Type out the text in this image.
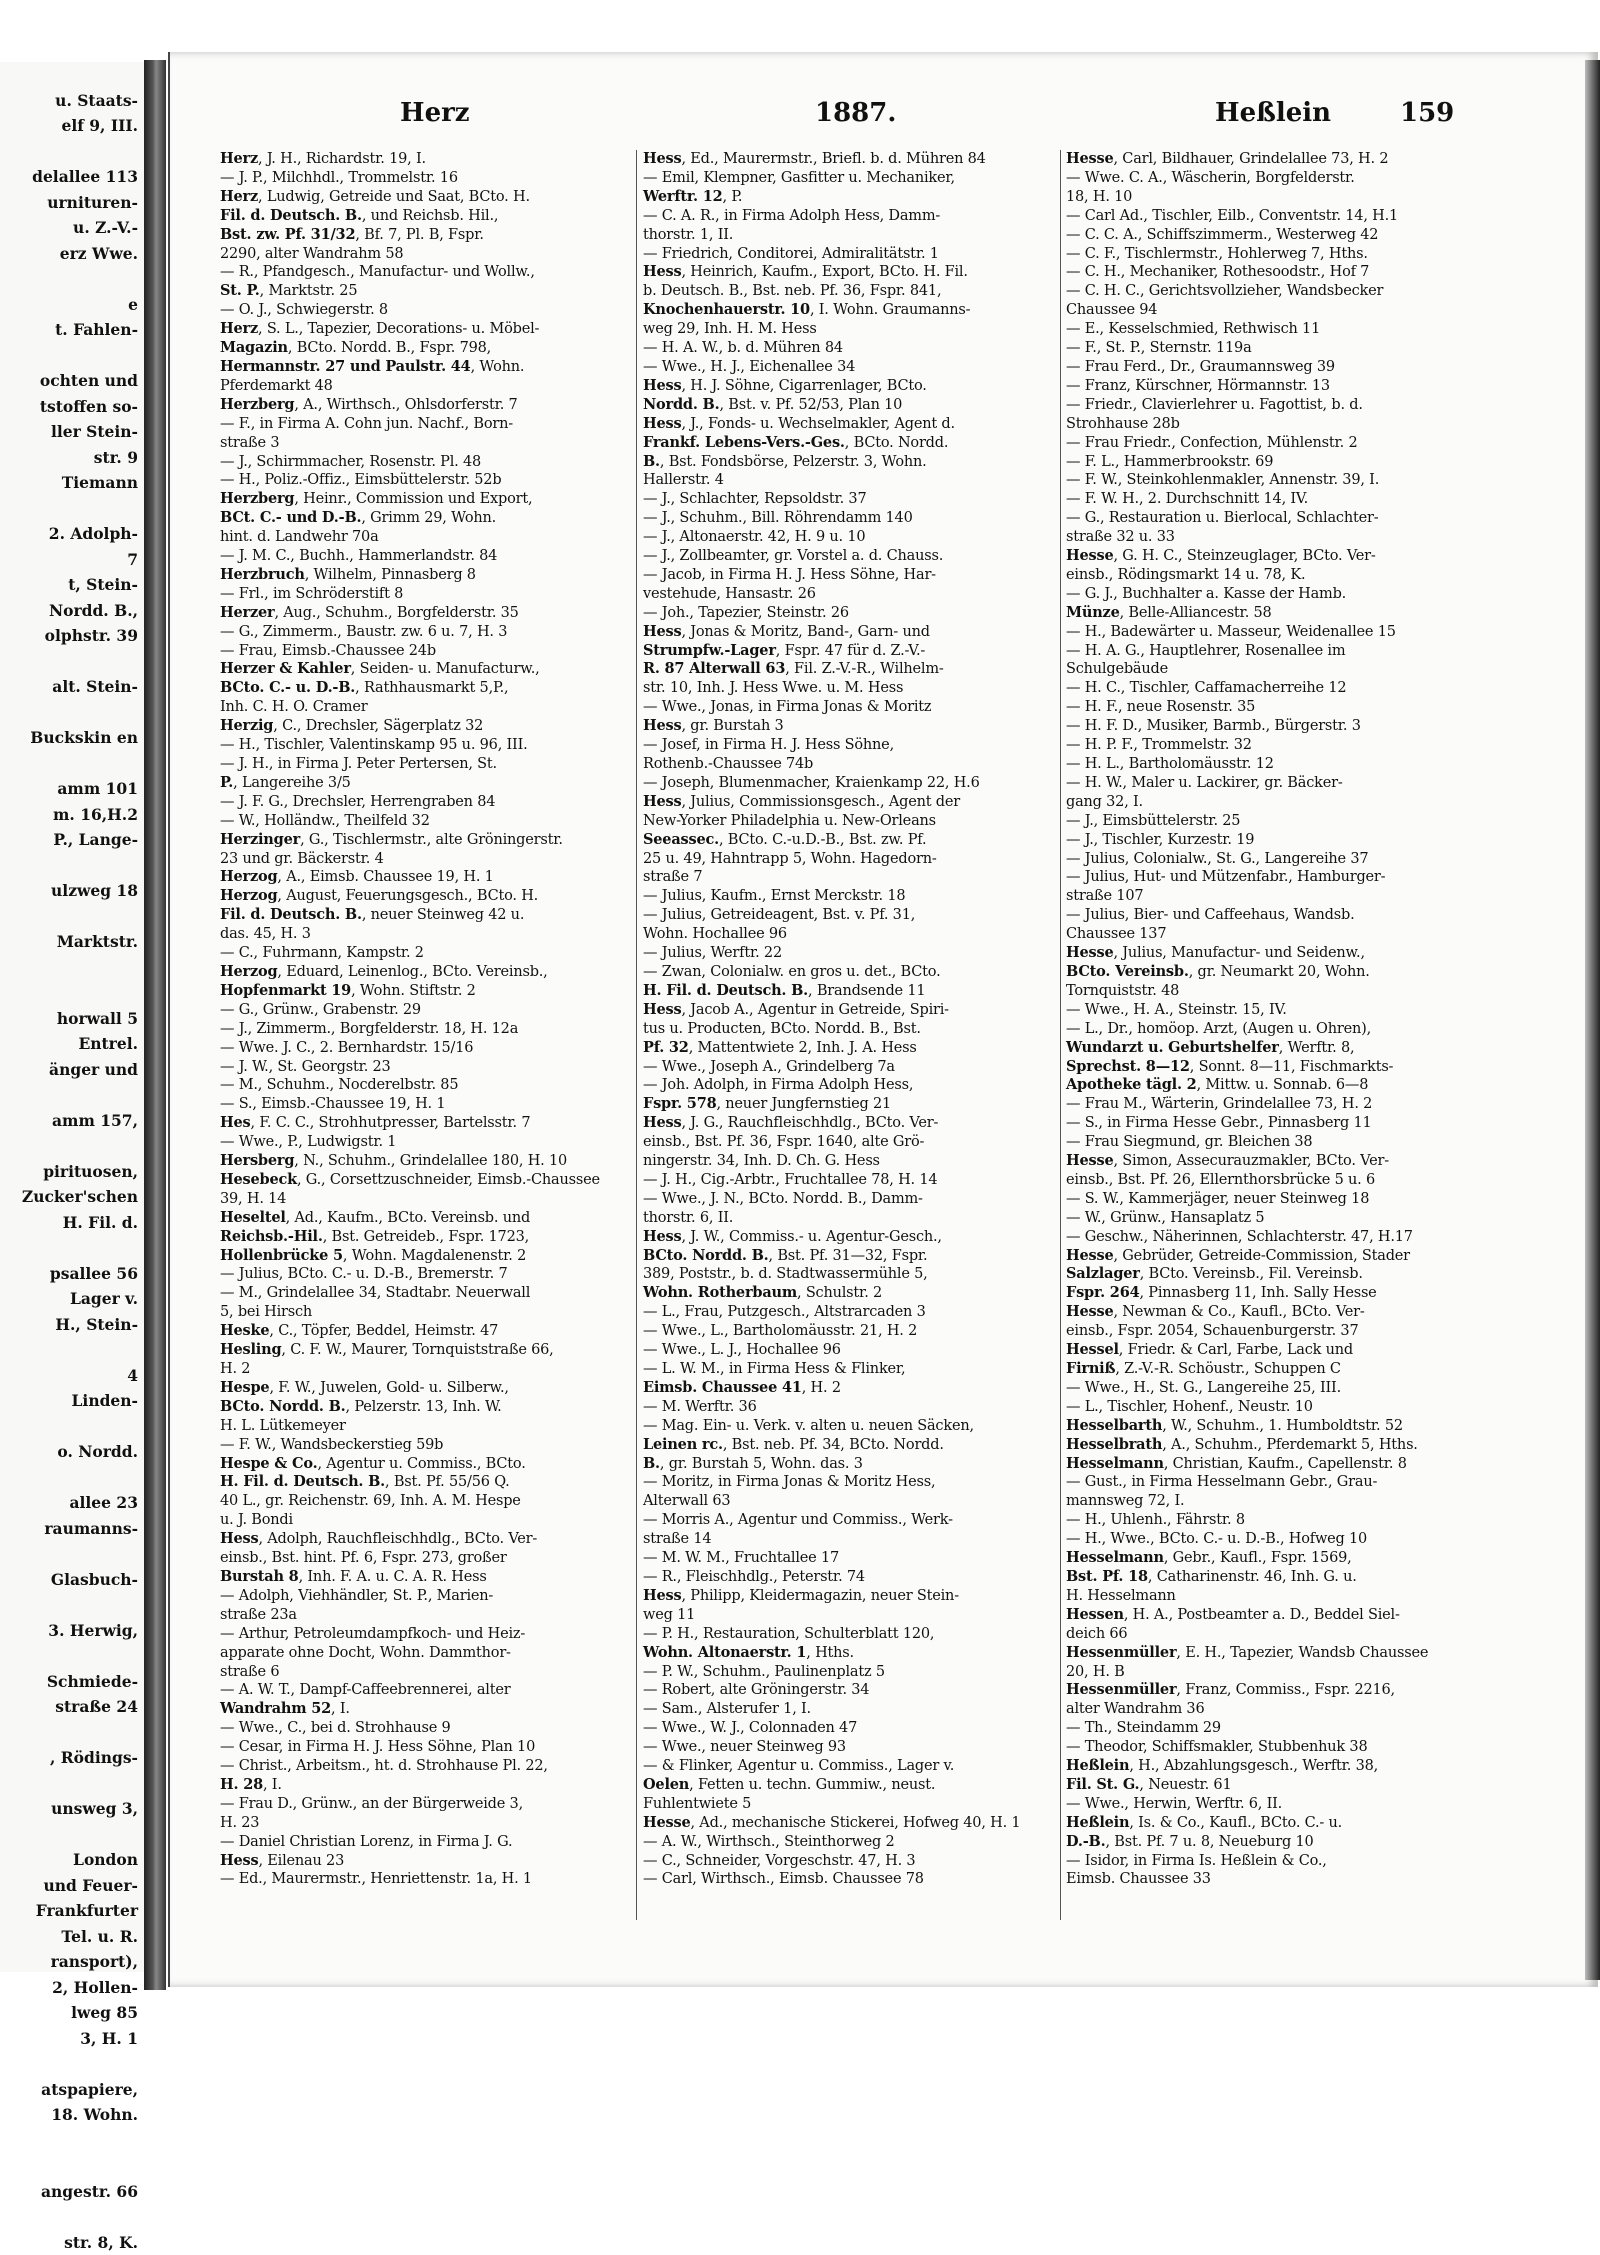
u. Staats-
elf 9, III.

delallee 113
urnituren-
u. Z.-V.-
erz Wwe.

e
t. Fahlen-

ochten und
tstoffen so-
ller Stein-
str. 9
Tiemann

2. Adolph-
7
t, Stein-
Nordd. B.,
olphstr. 39

alt. Stein-

Buckskin en

amm 101
m. 16,H.2
P., Lange-

ulzweg 18

Marktstr.

horwall 5
Entrel.
änger und

amm 157,

pirituosen,
Zucker'schen
H. Fil. d.

psallee 56
Lager v.
H., Stein-

4
Linden-

o. Nordd.

allee 23
raumanns-

Glasbuch-

3. Herwig,

Schmiede-
straße 24

, Rödings-

unsweg 3,

London
und Feuer-
Frankfurter
Tel. u. R.
ransport),
2, Hollen-
lweg 85
3, H. 1

atspapiere,
18. Wohn.

angestr. 66

str. 8, K.
Herz	1887.	Heßlein	159
Herz, J. H., Richardstr. 19, I.
— J. P., Milchhdl., Trommelstr. 16
Herz, Ludwig, Getreide und Saat, BCto. H.
Fil. d. Deutsch. B., und Reichsb. Hil.,
Bst. zw. Pf. 31/32, Bf. 7, Pl. B, Fspr.
2290, alter Wandrahm 58
— R., Pfandgesch., Manufactur- und Wollw.,
St. P., Marktstr. 25
— O. J., Schwiegerstr. 8
Herz, S. L., Tapezier, Decorations- u. Möbel-
Magazin, BCto. Nordd. B., Fspr. 798,
Hermannstr. 27 und Paulstr. 44, Wohn.
Pferdemarkt 48
Herzberg, A., Wirthsch., Ohlsdorferstr. 7
— F., in Firma A. Cohn jun. Nachf., Born-
straße 3
— J., Schirmmacher, Rosenstr. Pl. 48
— H., Poliz.-Offiz., Eimsbüttelerstr. 52b
Herzberg, Heinr., Commission und Export,
BCt. C.- und D.-B., Grimm 29, Wohn.
hint. d. Landwehr 70a
— J. M. C., Buchh., Hammerlandstr. 84
Herzbruch, Wilhelm, Pinnasberg 8
— Frl., im Schröderstift 8
Herzer, Aug., Schuhm., Borgfelderstr. 35
— G., Zimmerm., Baustr. zw. 6 u. 7, H. 3
— Frau, Eimsb.-Chaussee 24b
Herzer & Kahler, Seiden- u. Manufacturw.,
BCto. C.- u. D.-B., Rathhausmarkt 5,P.,
Inh. C. H. O. Cramer
Herzig, C., Drechsler, Sägerplatz 32
— H., Tischler, Valentinskamp 95 u. 96, III.
— J. H., in Firma J. Peter Pertersen, St.
P., Langereihe 3/5
— J. F. G., Drechsler, Herrengraben 84
— W., Holländw., Theilfeld 32
Herzinger, G., Tischlermstr., alte Gröningerstr.
23 und gr. Bäckerstr. 4
Herzog, A., Eimsb. Chaussee 19, H. 1
Herzog, August, Feuerungsgesch., BCto. H.
Fil. d. Deutsch. B., neuer Steinweg 42 u.
das. 45, H. 3
— C., Fuhrmann, Kampstr. 2
Herzog, Eduard, Leinenlog., BCto. Vereinsb.,
Hopfenmarkt 19, Wohn. Stiftstr. 2
— G., Grünw., Grabenstr. 29
— J., Zimmerm., Borgfelderstr. 18, H. 12a
— Wwe. J. C., 2. Bernhardstr. 15/16
— J. W., St. Georgstr. 23
— M., Schuhm., Nocderelbstr. 85
— S., Eimsb.-Chaussee 19, H. 1
Hes, F. C. C., Strohhutpresser, Bartelsstr. 7
— Wwe., P., Ludwigstr. 1
Hersberg, N., Schuhm., Grindelallee 180, H. 10
Hesebeck, G., Corsettzuschneider, Eimsb.-Chaussee
39, H. 14
Heseltel, Ad., Kaufm., BCto. Vereinsb. und
Reichsb.-Hil., Bst. Getreideb., Fspr. 1723,
Hollenbrücke 5, Wohn. Magdalenenstr. 2
— Julius, BCto. C.- u. D.-B., Bremerstr. 7
— M., Grindelallee 34, Stadtabr. Neuerwall
5, bei Hirsch
Heske, C., Töpfer, Beddel, Heimstr. 47
Hesling, C. F. W., Maurer, Tornquiststraße 66,
H. 2
Hespe, F. W., Juwelen, Gold- u. Silberw.,
BCto. Nordd. B., Pelzerstr. 13, Inh. W.
H. L. Lütkemeyer
— F. W., Wandsbeckerstieg 59b
Hespe & Co., Agentur u. Commiss., BCto.
H. Fil. d. Deutsch. B., Bst. Pf. 55/56 Q.
40 L., gr. Reichenstr. 69, Inh. A. M. Hespe
u. J. Bondi
Hess, Adolph, Rauchfleischhdlg., BCto. Ver-
einsb., Bst. hint. Pf. 6, Fspr. 273, großer
Burstah 8, Inh. F. A. u. C. A. R. Hess
— Adolph, Viehhändler, St. P., Marien-
straße 23a
— Arthur, Petroleumdampfkoch- und Heiz-
apparate ohne Docht, Wohn. Dammthor-
straße 6
— A. W. T., Dampf-Caffeebrennerei, alter
Wandrahm 52, I.
— Wwe., C., bei d. Strohhause 9
— Cesar, in Firma H. J. Hess Söhne, Plan 10
— Christ., Arbeitsm., ht. d. Strohhause Pl. 22,
H. 28, I.
— Frau D., Grünw., an der Bürgerweide 3,
H. 23
— Daniel Christian Lorenz, in Firma J. G.
Hess, Eilenau 23
— Ed., Maurermstr., Henriettenstr. 1a, H. 1
Hess, Ed., Maurermstr., Briefl. b. d. Mühren 84
— Emil, Klempner, Gasfitter u. Mechaniker,
Werftr. 12, P.
— C. A. R., in Firma Adolph Hess, Damm-
thorstr. 1, II.
— Friedrich, Conditorei, Admiralitätstr. 1
Hess, Heinrich, Kaufm., Export, BCto. H. Fil.
b. Deutsch. B., Bst. neb. Pf. 36, Fspr. 841,
Knochenhauerstr. 10, I. Wohn. Graumanns-
weg 29, Inh. H. M. Hess
— H. A. W., b. d. Mühren 84
— Wwe., H. J., Eichenallee 34
Hess, H. J. Söhne, Cigarrenlager, BCto.
Nordd. B., Bst. v. Pf. 52/53, Plan 10
Hess, J., Fonds- u. Wechselmakler, Agent d.
Frankf. Lebens-Vers.-Ges., BCto. Nordd.
B., Bst. Fondsbörse, Pelzerstr. 3, Wohn.
Hallerstr. 4
— J., Schlachter, Repsoldstr. 37
— J., Schuhm., Bill. Röhrendamm 140
— J., Altonaerstr. 42, H. 9 u. 10
— J., Zollbeamter, gr. Vorstel a. d. Chauss.
— Jacob, in Firma H. J. Hess Söhne, Har-
vestehude, Hansastr. 26
— Joh., Tapezier, Steinstr. 26
Hess, Jonas & Moritz, Band-, Garn- und
Strumpfw.-Lager, Fspr. 47 für d. Z.-V.-
R. 87 Alterwall 63, Fil. Z.-V.-R., Wilhelm-
str. 10, Inh. J. Hess Wwe. u. M. Hess
— Wwe., Jonas, in Firma Jonas & Moritz
Hess, gr. Burstah 3
— Josef, in Firma H. J. Hess Söhne,
Rothenb.-Chaussee 74b
— Joseph, Blumenmacher, Kraienkamp 22, H.6
Hess, Julius, Commissionsgesch., Agent der
New-Yorker Philadelphia u. New-Orleans
Seeassec., BCto. C.-u.D.-B., Bst. zw. Pf.
25 u. 49, Hahntrapp 5, Wohn. Hagedorn-
straße 7
— Julius, Kaufm., Ernst Merckstr. 18
— Julius, Getreideagent, Bst. v. Pf. 31,
Wohn. Hochallee 96
— Julius, Werftr. 22
— Zwan, Colonialw. en gros u. det., BCto.
H. Fil. d. Deutsch. B., Brandsende 11
Hess, Jacob A., Agentur in Getreide, Spiri-
tus u. Producten, BCto. Nordd. B., Bst.
Pf. 32, Mattentwiete 2, Inh. J. A. Hess
— Wwe., Joseph A., Grindelberg 7a
— Joh. Adolph, in Firma Adolph Hess,
Fspr. 578, neuer Jungfernstieg 21
Hess, J. G., Rauchfleischhdlg., BCto. Ver-
einsb., Bst. Pf. 36, Fspr. 1640, alte Grö-
ningerstr. 34, Inh. D. Ch. G. Hess
— J. H., Cig.-Arbtr., Fruchtallee 78, H. 14
— Wwe., J. N., BCto. Nordd. B., Damm-
thorstr. 6, II.
Hess, J. W., Commiss.- u. Agentur-Gesch.,
BCto. Nordd. B., Bst. Pf. 31—32, Fspr.
389, Poststr., b. d. Stadtwassermühle 5,
Wohn. Rotherbaum, Schulstr. 2
— L., Frau, Putzgesch., Altstrarcaden 3
— Wwe., L., Bartholomäusstr. 21, H. 2
— Wwe., L. J., Hochallee 96
— L. W. M., in Firma Hess & Flinker,
Eimsb. Chaussee 41, H. 2
— M. Werftr. 36
— Mag. Ein- u. Verk. v. alten u. neuen Säcken,
Leinen rc., Bst. neb. Pf. 34, BCto. Nordd.
B., gr. Burstah 5, Wohn. das. 3
— Moritz, in Firma Jonas & Moritz Hess,
Alterwall 63
— Morris A., Agentur und Commiss., Werk-
straße 14
— M. W. M., Fruchtallee 17
— R., Fleischhdlg., Peterstr. 74
Hess, Philipp, Kleidermagazin, neuer Stein-
weg 11
— P. H., Restauration, Schulterblatt 120,
Wohn. Altonaerstr. 1, Hths.
— P. W., Schuhm., Paulinenplatz 5
— Robert, alte Gröningerstr. 34
— Sam., Alsterufer 1, I.
— Wwe., W. J., Colonnaden 47
— Wwe., neuer Steinweg 93
— & Flinker, Agentur u. Commiss., Lager v.
Oelen, Fetten u. techn. Gummiw., neust.
Fuhlentwiete 5
Hesse, Ad., mechanische Stickerei, Hofweg 40, H. 1
— A. W., Wirthsch., Steinthorweg 2
— C., Schneider, Vorgeschstr. 47, H. 3
— Carl, Wirthsch., Eimsb. Chaussee 78
Hesse, Carl, Bildhauer, Grindelallee 73, H. 2
— Wwe. C. A., Wäscherin, Borgfelderstr.
18, H. 10
— Carl Ad., Tischler, Eilb., Conventstr. 14, H.1
— C. C. A., Schiffszimmerm., Westerweg 42
— C. F., Tischlermstr., Hohlerweg 7, Hths.
— C. H., Mechaniker, Rothesoodstr., Hof 7
— C. H. C., Gerichtsvollzieher, Wandsbecker
Chaussee 94
— E., Kesselschmied, Rethwisch 11
— F., St. P., Sternstr. 119a
— Frau Ferd., Dr., Graumannsweg 39
— Franz, Kürschner, Hörmannstr. 13
— Friedr., Clavierlehrer u. Fagottist, b. d.
Strohhause 28b
— Frau Friedr., Confection, Mühlenstr. 2
— F. L., Hammerbrookstr. 69
— F. W., Steinkohlenmakler, Annenstr. 39, I.
— F. W. H., 2. Durchschnitt 14, IV.
— G., Restauration u. Bierlocal, Schlachter-
straße 32 u. 33
Hesse, G. H. C., Steinzeuglager, BCto. Ver-
einsb., Rödingsmarkt 14 u. 78, K.
— G. J., Buchhalter a. Kasse der Hamb.
Münze, Belle-Alliancestr. 58
— H., Badewärter u. Masseur, Weidenallee 15
— H. A. G., Hauptlehrer, Rosenallee im
Schulgebäude
— H. C., Tischler, Caffamacherreihe 12
— H. F., neue Rosenstr. 35
— H. F. D., Musiker, Barmb., Bürgerstr. 3
— H. P. F., Trommelstr. 32
— H. L., Bartholomäusstr. 12
— H. W., Maler u. Lackirer, gr. Bäcker-
gang 32, I.
— J., Eimsbüttelerstr. 25
— J., Tischler, Kurzestr. 19
— Julius, Colonialw., St. G., Langereihe 37
— Julius, Hut- und Mützenfabr., Hamburger-
straße 107
— Julius, Bier- und Caffeehaus, Wandsb.
Chaussee 137
Hesse, Julius, Manufactur- und Seidenw.,
BCto. Vereinsb., gr. Neumarkt 20, Wohn.
Tornquiststr. 48
— Wwe., H. A., Steinstr. 15, IV.
— L., Dr., homöop. Arzt, (Augen u. Ohren),
Wundarzt u. Geburtshelfer, Werftr. 8,
Sprechst. 8—12, Sonnt. 8—11, Fischmarkts-
Apotheke tägl. 2, Mittw. u. Sonnab. 6—8
— Frau M., Wärterin, Grindelallee 73, H. 2
— S., in Firma Hesse Gebr., Pinnasberg 11
— Frau Siegmund, gr. Bleichen 38
Hesse, Simon, Assecurauzmakler, BCto. Ver-
einsb., Bst. Pf. 26, Ellernthorsbrücke 5 u. 6
— S. W., Kammerjäger, neuer Steinweg 18
— W., Grünw., Hansaplatz 5
— Geschw., Näherinnen, Schlachterstr. 47, H.17
Hesse, Gebrüder, Getreide-Commission, Stader
Salzlager, BCto. Vereinsb., Fil. Vereinsb.
Fspr. 264, Pinnasberg 11, Inh. Sally Hesse
Hesse, Newman & Co., Kaufl., BCto. Ver-
einsb., Fspr. 2054, Schauenburgerstr. 37
Hessel, Friedr. & Carl, Farbe, Lack und
Firniß, Z.-V.-R. Schöustr., Schuppen C
— Wwe., H., St. G., Langereihe 25, III.
— L., Tischler, Hohenf., Neustr. 10
Hesselbarth, W., Schuhm., 1. Humboldtstr. 52
Hesselbrath, A., Schuhm., Pferdemarkt 5, Hths.
Hesselmann, Christian, Kaufm., Capellenstr. 8
— Gust., in Firma Hesselmann Gebr., Grau-
mannsweg 72, I.
— H., Uhlenh., Fährstr. 8
— H., Wwe., BCto. C.- u. D.-B., Hofweg 10
Hesselmann, Gebr., Kaufl., Fspr. 1569,
Bst. Pf. 18, Catharinenstr. 46, Inh. G. u.
H. Hesselmann
Hessen, H. A., Postbeamter a. D., Beddel Siel-
deich 66
Hessenmüller, E. H., Tapezier, Wandsb Chaussee
20, H. B
Hessenmüller, Franz, Commiss., Fspr. 2216,
alter Wandrahm 36
— Th., Steindamm 29
— Theodor, Schiffsmakler, Stubbenhuk 38
Heßlein, H., Abzahlungsgesch., Werftr. 38,
Fil. St. G., Neuestr. 61
— Wwe., Herwin, Werftr. 6, II.
Heßlein, Is. & Co., Kaufl., BCto. C.- u.
D.-B., Bst. Pf. 7 u. 8, Neueburg 10
— Isidor, in Firma Is. Heßlein & Co.,
Eimsb. Chaussee 33
